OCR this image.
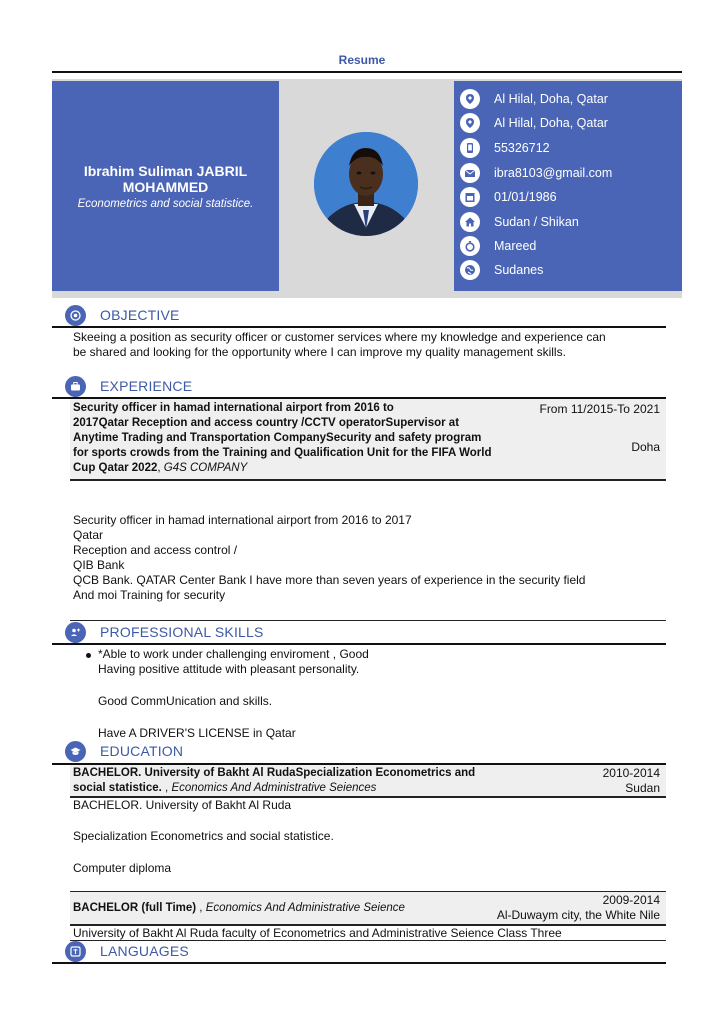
Resume
Ibrahim Suliman JABRIL MOHAMMED
Econometrics and social statistice.
Al Hilal, Doha, Qatar
Al Hilal, Doha, Qatar
55326712
ibra8103@gmail.com
01/01/1986
Sudan / Shikan
Mareed
Sudanes
OBJECTIVE
Skeeing a position as security officer or customer services where my knowledge and experience can
be shared and looking for the opportunity where I can improve my quality management skills.
EXPERIENCE
Security officer in hamad international airport from 2016 to
2017Qatar Reception and access country /CCTV operatorSupervisor at
Anytime Trading and Transportation CompanySecurity and safety program
for sports crowds from the Training and Qualification Unit for the FIFA World
Cup Qatar 2022, G4S COMPANY
From 11/2015-To 2021
Doha
Security officer in hamad international airport from 2016 to 2017
Qatar
Reception and access control /
QIB Bank
QCB Bank. QATAR Center Bank I have more than seven years of experience in the security field
And moi Training for security
PROFESSIONAL SKILLS
*Able to work under challenging enviroment , Good
Having positive attitude with pleasant personality.
Good CommUnication and skills.
Have A DRIVER'S LICENSE in Qatar
EDUCATION
BACHELOR. University of Bakht Al RudaSpecialization Econometrics and
social statistice. , Economics And Administrative Seiences
2010-2014
Sudan
BACHELOR. University of Bakht Al Ruda
Specialization Econometrics and social statistice.
Computer diploma
BACHELOR (full Time) , Economics And Administrative Seience
2009-2014
Al-Duwaym city, the White Nile
University of Bakht Al Ruda faculty of Econometrics and Administrative Seience Class Three
LANGUAGES
